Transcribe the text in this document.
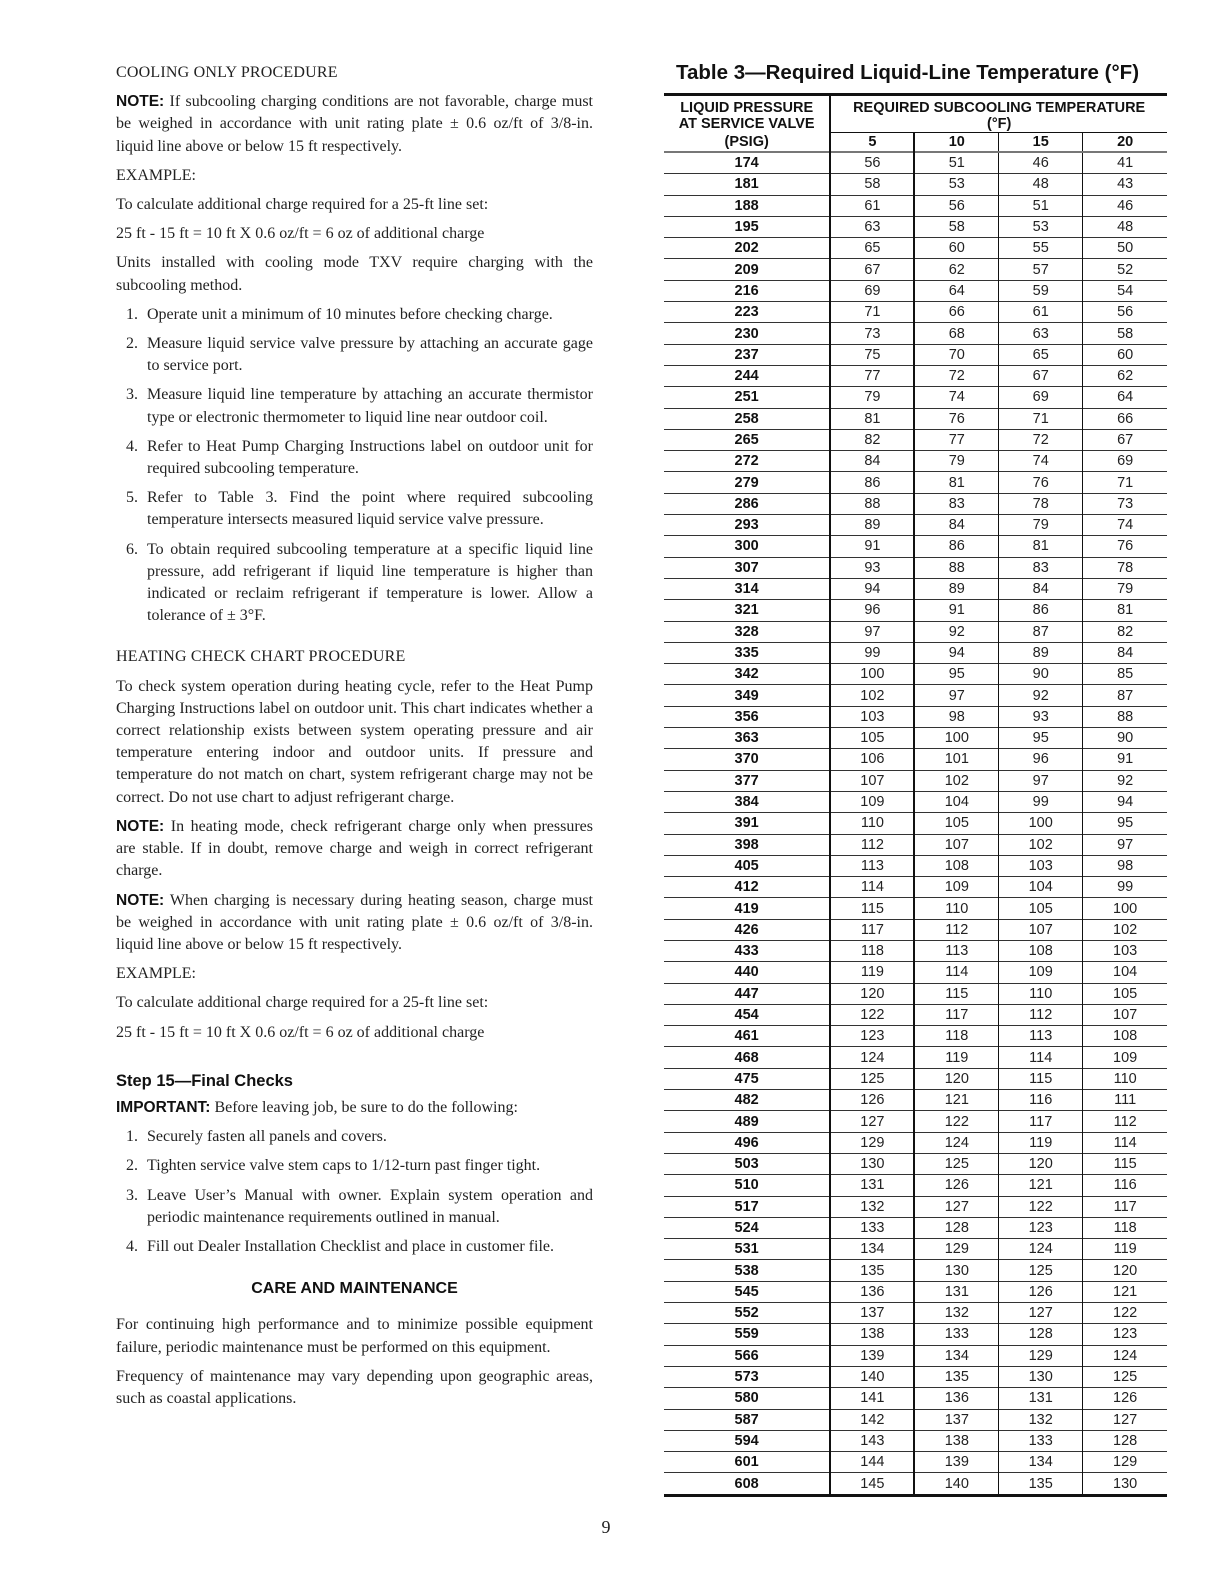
COOLING ONLY PROCEDURE

NOTE: If subcooling charging conditions are not favorable, charge must be weighed in accordance with unit rating plate ± 0.6 oz/ft of 3/8-in. liquid line above or below 15 ft respectively.

EXAMPLE:

To calculate additional charge required for a 25-ft line set:

25 ft - 15 ft = 10 ft X 0.6 oz/ft = 6 oz of additional charge

Units installed with cooling mode TXV require charging with the subcooling method.

1. Operate unit a minimum of 10 minutes before checking charge.
2. Measure liquid service valve pressure by attaching an accurate gage to service port.
3. Measure liquid line temperature by attaching an accurate thermistor type or electronic thermometer to liquid line near outdoor coil.
4. Refer to Heat Pump Charging Instructions label on outdoor unit for required subcooling temperature.
5. Refer to Table 3. Find the point where required subcooling temperature intersects measured liquid service valve pressure.
6. To obtain required subcooling temperature at a specific liquid line pressure, add refrigerant if liquid line temperature is higher than indicated or reclaim refrigerant if temperature is lower. Allow a tolerance of ± 3°F.
HEATING CHECK CHART PROCEDURE

To check system operation during heating cycle, refer to the Heat Pump Charging Instructions label on outdoor unit. This chart indicates whether a correct relationship exists between system operating pressure and air temperature entering indoor and outdoor units. If pressure and temperature do not match on chart, system refrigerant charge may not be correct. Do not use chart to adjust refrigerant charge.

NOTE: In heating mode, check refrigerant charge only when pressures are stable. If in doubt, remove charge and weigh in correct refrigerant charge.

NOTE: When charging is necessary during heating season, charge must be weighed in accordance with unit rating plate ± 0.6 oz/ft of 3/8-in. liquid line above or below 15 ft respectively.

EXAMPLE:

To calculate additional charge required for a 25-ft line set:

25 ft - 15 ft = 10 ft X 0.6 oz/ft = 6 oz of additional charge

Step 15—Final Checks

IMPORTANT: Before leaving job, be sure to do the following:

1. Securely fasten all panels and covers.
2. Tighten service valve stem caps to 1/12-turn past finger tight.
3. Leave User’s Manual with owner. Explain system operation and periodic maintenance requirements outlined in manual.
4. Fill out Dealer Installation Checklist and place in customer file.
CARE AND MAINTENANCE

For continuing high performance and to minimize possible equipment failure, periodic maintenance must be performed on this equipment.

Frequency of maintenance may vary depending upon geographic areas, such as coastal applications.

Table 3—Required Liquid-Line Temperature (°F)
LIQUID PRESSURE
AT SERVICE VALVE
(PSIG)

REQUIRED SUBCOOLING TEMPERATURE
(°F)

	5	10	15	20
174	56	51	46	41
181	58	53	48	43
188	61	56	51	46
195	63	58	53	48
202	65	60	55	50
209	67	62	57	52
216	69	64	59	54
223	71	66	61	56
230	73	68	63	58
237	75	70	65	60
244	77	72	67	62
251	79	74	69	64
258	81	76	71	66
265	82	77	72	67
272	84	79	74	69
279	86	81	76	71
286	88	83	78	73
293	89	84	79	74
300	91	86	81	76
307	93	88	83	78
314	94	89	84	79
321	96	91	86	81
328	97	92	87	82
335	99	94	89	84
342	100	95	90	85
349	102	97	92	87
356	103	98	93	88
363	105	100	95	90
370	106	101	96	91
377	107	102	97	92
384	109	104	99	94
391	110	105	100	95
398	112	107	102	97
405	113	108	103	98
412	114	109	104	99
419	115	110	105	100
426	117	112	107	102
433	118	113	108	103
440	119	114	109	104
447	120	115	110	105
454	122	117	112	107
461	123	118	113	108
468	124	119	114	109
475	125	120	115	110
482	126	121	116	111
489	127	122	117	112
496	129	124	119	114
503	130	125	120	115
510	131	126	121	116
517	132	127	122	117
524	133	128	123	118
531	134	129	124	119
538	135	130	125	120
545	136	131	126	121
552	137	132	127	122
559	138	133	128	123
566	139	134	129	124
573	140	135	130	125
580	141	136	131	126
587	142	137	132	127
594	143	138	133	128
601	144	139	134	129
608	145	140	135	130
9
